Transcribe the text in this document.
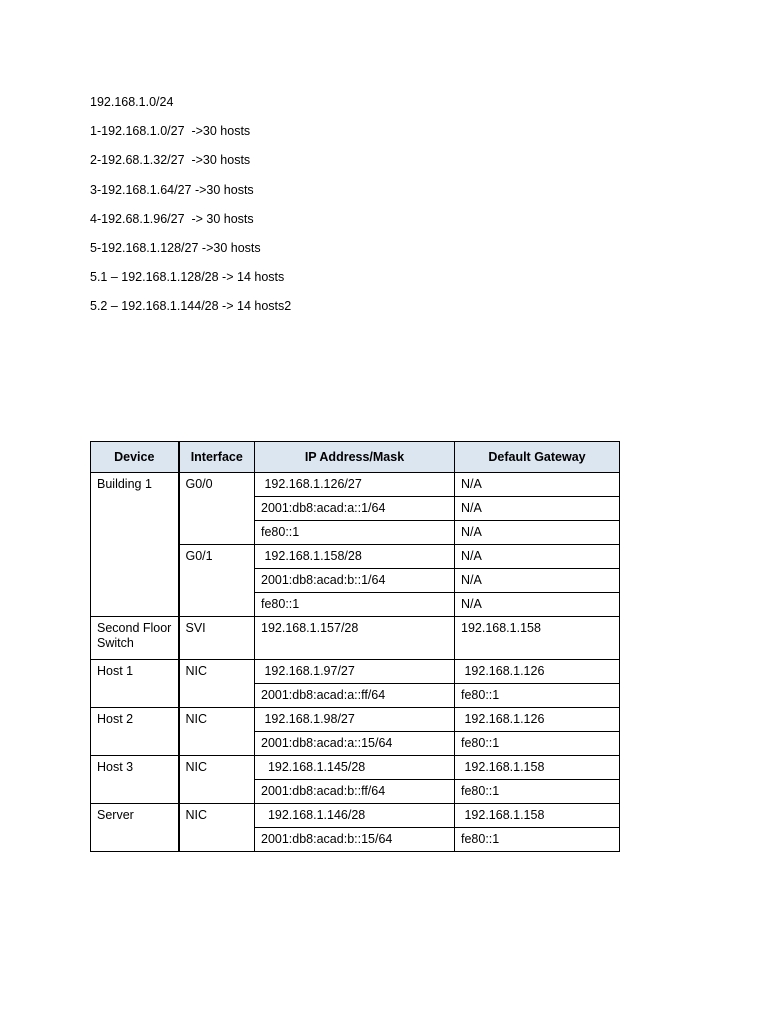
192.168.1.0/24
1-192.168.1.0/27  ->30 hosts
2-192.68.1.32/27  ->30 hosts
3-192.168.1.64/27 ->30 hosts
4-192.68.1.96/27  -> 30 hosts
5-192.168.1.128/27 ->30 hosts
5.1 – 192.168.1.128/28 -> 14 hosts
5.2 – 192.168.1.144/28 -> 14 hosts2
Device	Interface	IP Address/Mask	Default Gateway
Building 1	G0/0	192.168.1.126/27	N/A
		2001:db8:acad:a::1/64	N/A
		fe80::1	N/A
	G0/1	192.168.1.158/28	N/A
		2001:db8:acad:b::1/64	N/A
		fe80::1	N/A
Second Floor Switch	SVI	192.168.1.157/28	192.168.1.158
Host 1	NIC	192.168.1.97/27	192.168.1.126
		2001:db8:acad:a::ff/64	fe80::1
Host 2	NIC	192.168.1.98/27	192.168.1.126
		2001:db8:acad:a::15/64	fe80::1
Host 3	NIC	192.168.1.145/28	192.168.1.158
		2001:db8:acad:b::ff/64	fe80::1
Server	NIC	192.168.1.146/28	192.168.1.158
		2001:db8:acad:b::15/64	fe80::1
